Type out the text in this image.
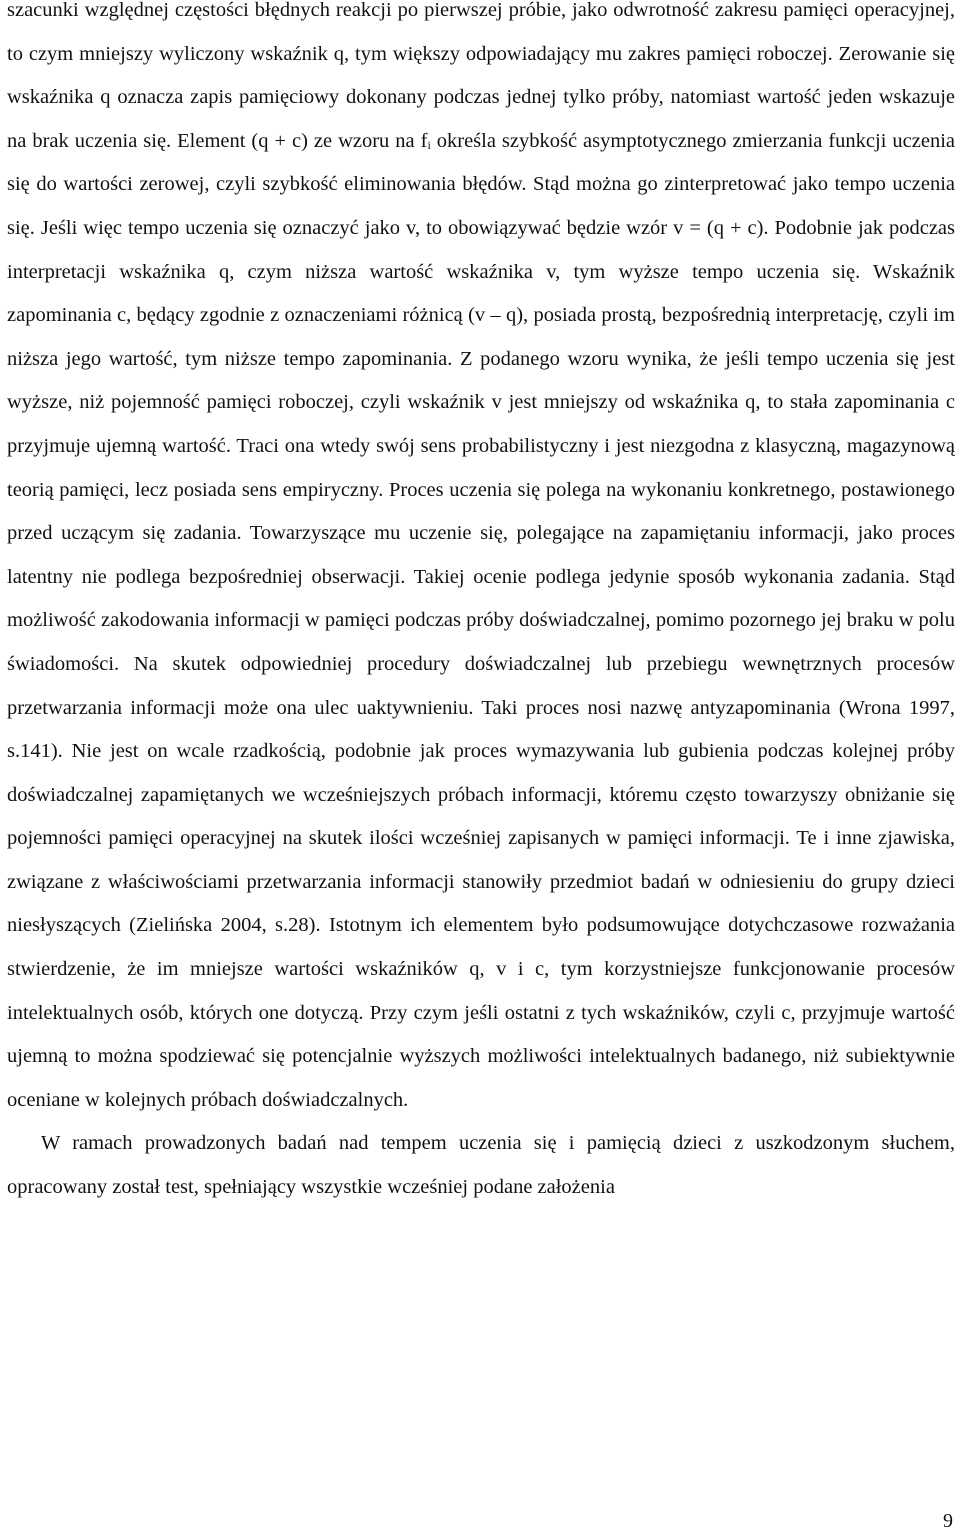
szacunki względnej częstości błędnych reakcji po pierwszej próbie, jako odwrotność zakresu pamięci operacyjnej, to czym mniejszy wyliczony wskaźnik q, tym większy odpowiadający mu zakres pamięci roboczej. Zerowanie się wskaźnika q oznacza zapis pamięciowy dokonany podczas jednej tylko próby, natomiast wartość jeden wskazuje na brak uczenia się. Element (q + c) ze wzoru na $f_i$ określa szybkość asymptotycznego zmierzania funkcji uczenia się do wartości zerowej, czyli szybkość eliminowania błędów. Stąd można go zinterpretować jako tempo uczenia się. Jeśli więc tempo uczenia się oznaczyć jako v, to obowiązywać będzie wzór v = (q + c). Podobnie jak podczas interpretacji wskaźnika q, czym niższa wartość wskaźnika v, tym wyższe tempo uczenia się. Wskaźnik zapominania c, będący zgodnie z oznaczeniami różnicą (v – q), posiada prostą, bezpośrednią interpretację, czyli im niższa jego wartość, tym niższe tempo zapominania. Z podanego wzoru wynika, że jeśli tempo uczenia się jest wyższe, niż pojemność pamięci roboczej, czyli wskaźnik v jest mniejszy od wskaźnika q, to stała zapominania c przyjmuje ujemną wartość. Traci ona wtedy swój sens probabilistyczny i jest niezgodna z klasyczną, magazynową teorią pamięci, lecz posiada sens empiryczny. Proces uczenia się polega na wykonaniu konkretnego, postawionego przed uczącym się zadania. Towarzyszące mu uczenie się, polegające na zapamiętaniu informacji, jako proces latentny nie podlega bezpośredniej obserwacji. Takiej ocenie podlega jedynie sposób wykonania zadania. Stąd możliwość zakodowania informacji w pamięci podczas próby doświadczalnej, pomimo pozornego jej braku w polu świadomości. Na skutek odpowiedniej procedury doświadczalnej lub przebiegu wewnętrznych procesów przetwarzania informacji może ona ulec uaktywnieniu. Taki proces nosi nazwę antyzapominania (Wrona 1997, s.141). Nie jest on wcale rzadkością, podobnie jak proces wymazywania lub gubienia podczas kolejnej próby doświadczalnej zapamiętanych we wcześniejszych próbach informacji, któremu często towarzyszy obniżanie się pojemności pamięci operacyjnej na skutek ilości wcześniej zapisanych w pamięci informacji. Te i inne zjawiska, związane z właściwościami przetwarzania informacji stanowiły przedmiot badań w odniesieniu do grupy dzieci niesłyszących (Zielińska 2004, s.28). Istotnym ich elementem było podsumowujące dotychczasowe rozważania stwierdzenie, że im mniejsze wartości wskaźników q, v i c, tym korzystniejsze funkcjonowanie procesów intelektualnych osób, których one dotyczą. Przy czym jeśli ostatni z tych wskaźników, czyli c, przyjmuje wartość ujemną to można spodziewać się potencjalnie wyższych możliwości intelektualnych badanego, niż subiektywnie oceniane w kolejnych próbach doświadczalnych.

W ramach prowadzonych badań nad tempem uczenia się i pamięcią dzieci z uszkodzonym słuchem, opracowany został test, spełniający wszystkie wcześniej podane założenia

9
